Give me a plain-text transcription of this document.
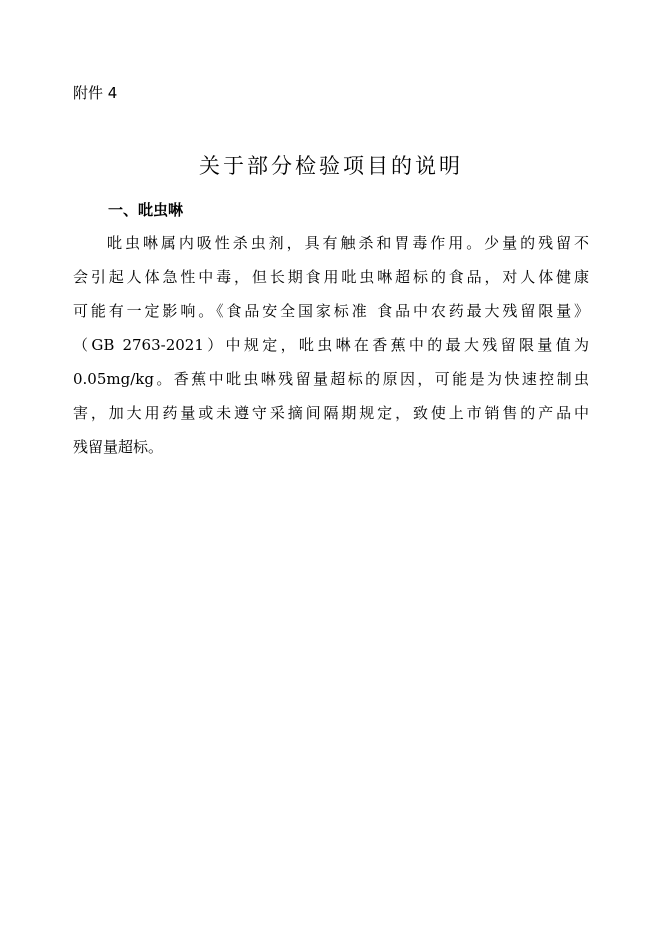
附件 4
关于部分检验项目的说明
一、吡虫啉
吡虫啉属内吸性杀虫剂，具有触杀和胃毒作用。少量的残留不
会引起人体急性中毒，但长期食用吡虫啉超标的食品，对人体健康
可能有一定影响。《食品安全国家标准 食品中农药最大残留限量》
（GB 2763-2021）中规定，吡虫啉在香蕉中的最大残留限量值为
0.05mg/kg。香蕉中吡虫啉残留量超标的原因，可能是为快速控制虫
害，加大用药量或未遵守采摘间隔期规定，致使上市销售的产品中
残留量超标。
